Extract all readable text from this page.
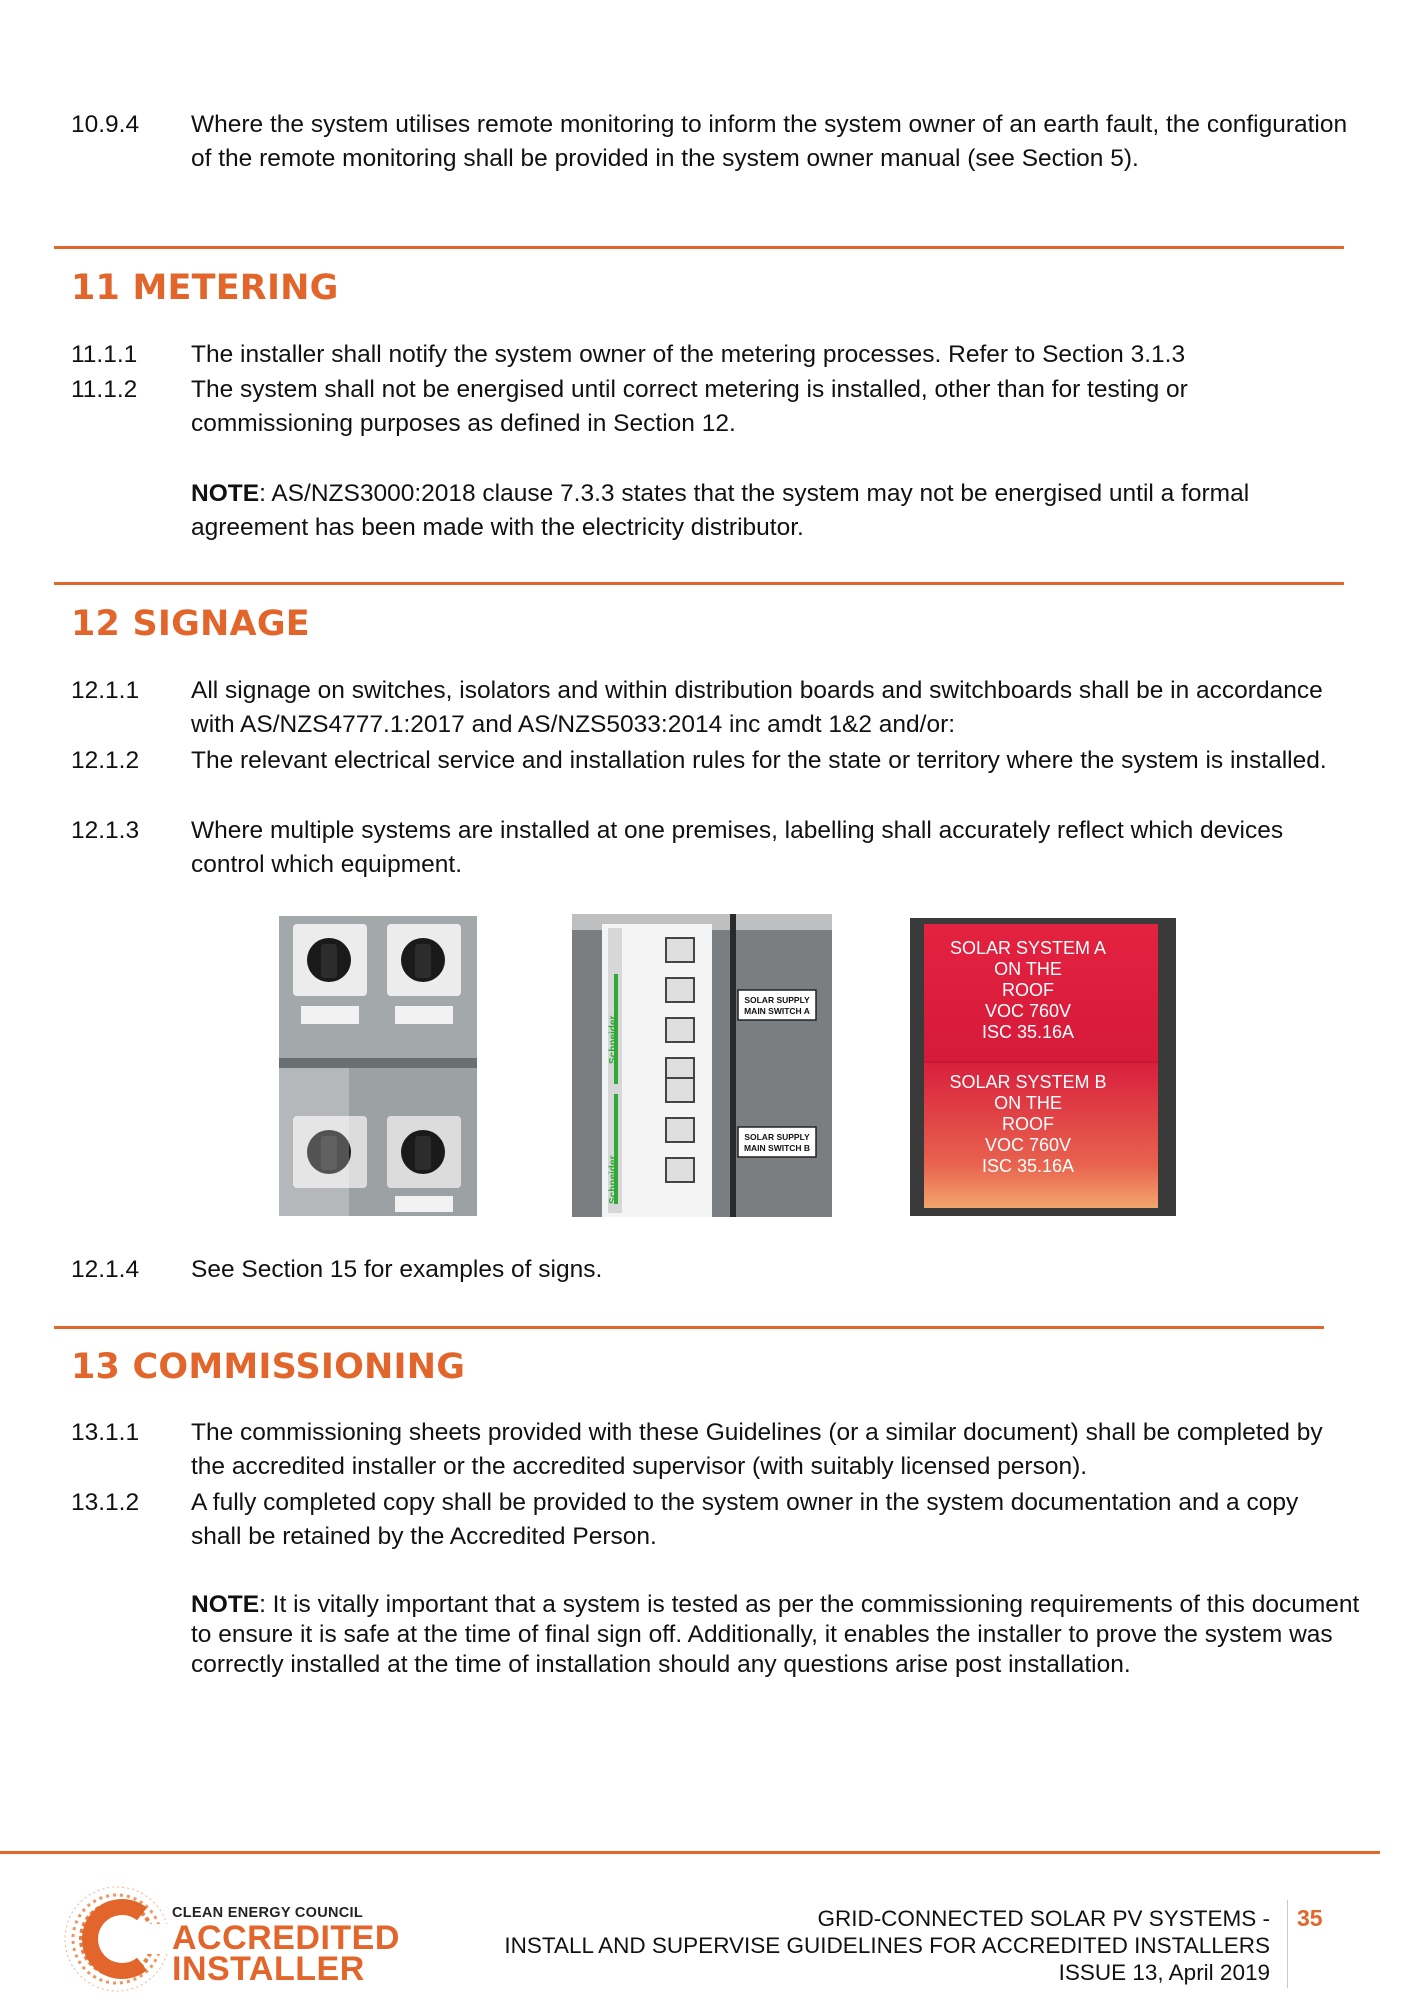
10.9.4 Where the system utilises remote monitoring to inform the system owner of an earth fault, the configuration of the remote monitoring shall be provided in the system owner manual (see Section 5).
11 METERING
11.1.1 The installer shall notify the system owner of the metering processes. Refer to Section 3.1.3
11.1.2 The system shall not be energised until correct metering is installed, other than for testing or commissioning purposes as defined in Section 12.
NOTE: AS/NZS3000:2018 clause 7.3.3 states that the system may not be energised until a formal agreement has been made with the electricity distributor.
12 SIGNAGE
12.1.1 All signage on switches, isolators and within distribution boards and switchboards shall be in accordance with AS/NZS4777.1:2017 and AS/NZS5033:2014 inc amdt 1&2 and/or:
12.1.2 The relevant electrical service and installation rules for the state or territory where the system is installed.
12.1.3 Where multiple systems are installed at one premises, labelling shall accurately reflect which devices control which equipment.
SOLAR SUPPLY
MAIN SWITCH A
SOLAR SUPPLY
MAIN SWITCH B
Schneider
Schneider
SOLAR SYSTEM A
ON THE
ROOF
VOC 760V
ISC 35.16A
SOLAR SYSTEM B
ON THE
ROOF
VOC 760V
ISC 35.16A
12.1.4 See Section 15 for examples of signs.
13 COMMISSIONING
13.1.1 The commissioning sheets provided with these Guidelines (or a similar document) shall be completed by the accredited installer or the accredited supervisor (with suitably licensed person).
13.1.2 A fully completed copy shall be provided to the system owner in the system documentation and a copy shall be retained by the Accredited Person.
NOTE: It is vitally important that a system is tested as per the commissioning requirements of this document to ensure it is safe at the time of final sign off. Additionally, it enables the installer to prove the system was correctly installed at the time of installation should any questions arise post installation.
CLEAN ENERGY COUNCIL
ACCREDITED
INSTALLER
GRID-CONNECTED SOLAR PV SYSTEMS -
INSTALL AND SUPERVISE GUIDELINES FOR ACCREDITED INSTALLERS
ISSUE 13, April 2019
35
